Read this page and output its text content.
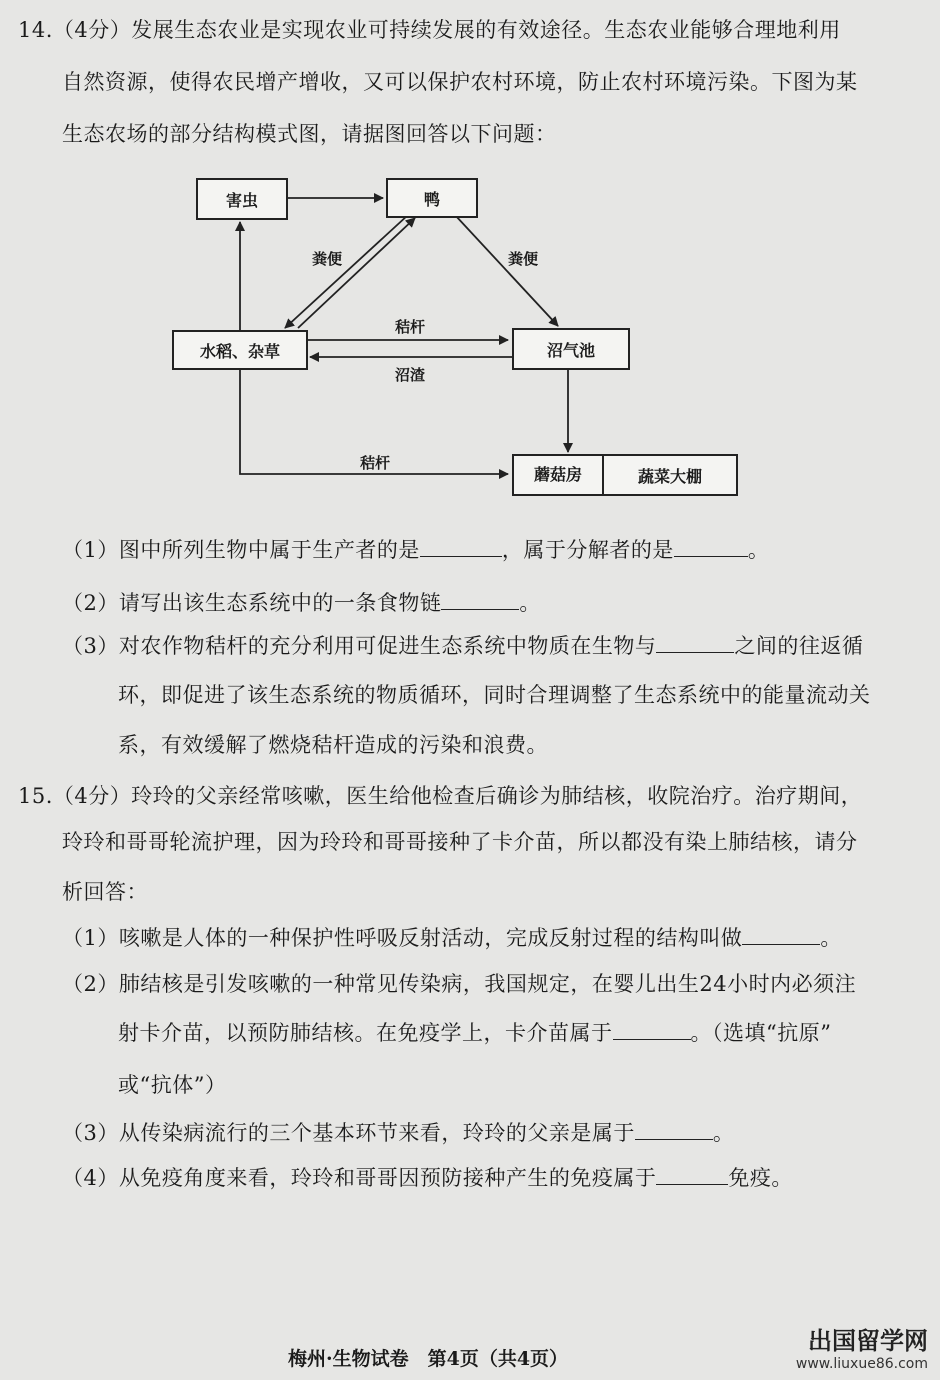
14.（4分）发展生态农业是实现农业可持续发展的有效途径。生态农业能够合理地利用
自然资源，使得农民增产增收，又可以保护农村环境，防止农村环境污染。下图为某
生态农场的部分结构模式图，请据图回答以下问题：
害虫	鸭
水稻、杂草	沼气池
蘑菇房	蔬菜大棚
粪便	粪便
秸杆
沼渣
秸杆
（1）图中所列生物中属于生产者的是	，属于分解者的是	。
（2）请写出该生态系统中的一条食物链	。
（3）对农作物秸杆的充分利用可促进生态系统中物质在生物与	之间的往返循
环，即促进了该生态系统的物质循环，同时合理调整了生态系统中的能量流动关
系，有效缓解了燃烧秸杆造成的污染和浪费。
15.（4分）玲玲的父亲经常咳嗽，医生给他检查后确诊为肺结核，收院治疗。治疗期间，
玲玲和哥哥轮流护理，因为玲玲和哥哥接种了卡介苗，所以都没有染上肺结核，请分
析回答：
（1）咳嗽是人体的一种保护性呼吸反射活动，完成反射过程的结构叫做	。
（2）肺结核是引发咳嗽的一种常见传染病，我国规定，在婴儿出生24小时内必须注
射卡介苗，以预防肺结核。在免疫学上，卡介苗属于	。（选填“抗原”
或“抗体”）
（3）从传染病流行的三个基本环节来看，玲玲的父亲是属于	。
（4）从免疫角度来看，玲玲和哥哥因预防接种产生的免疫属于	免疫。
梅州·生物试卷　第4页（共4页）
出国留学网
www.liuxue86.com
